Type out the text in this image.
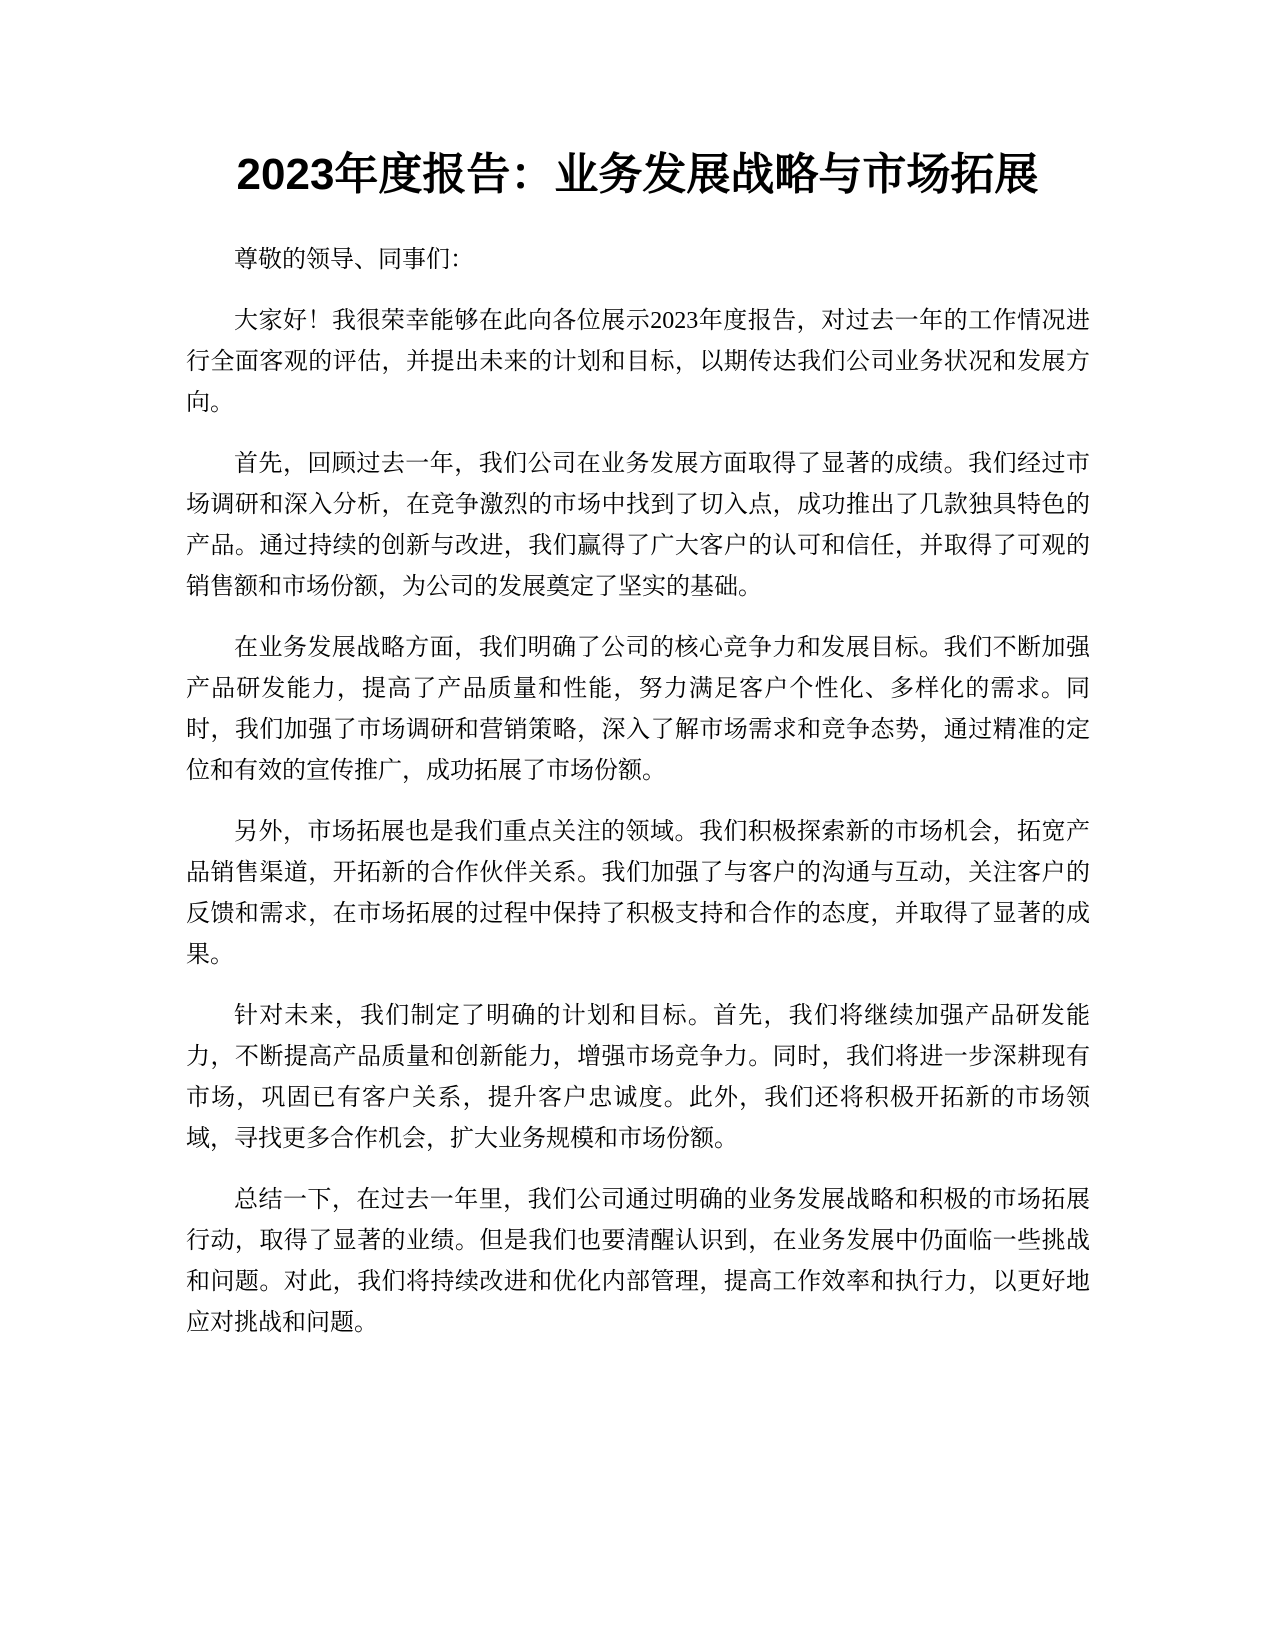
2023年度报告：业务发展战略与市场拓展

尊敬的领导、同事们：

大家好！我很荣幸能够在此向各位展示2023年度报告，对过去一年的工作情况进行全面客观的评估，并提出未来的计划和目标，以期传达我们公司业务状况和发展方向。

首先，回顾过去一年，我们公司在业务发展方面取得了显著的成绩。我们经过市场调研和深入分析，在竞争激烈的市场中找到了切入点，成功推出了几款独具特色的产品。通过持续的创新与改进，我们赢得了广大客户的认可和信任，并取得了可观的销售额和市场份额，为公司的发展奠定了坚实的基础。

在业务发展战略方面，我们明确了公司的核心竞争力和发展目标。我们不断加强产品研发能力，提高了产品质量和性能，努力满足客户个性化、多样化的需求。同时，我们加强了市场调研和营销策略，深入了解市场需求和竞争态势，通过精准的定位和有效的宣传推广，成功拓展了市场份额。

另外，市场拓展也是我们重点关注的领域。我们积极探索新的市场机会，拓宽产品销售渠道，开拓新的合作伙伴关系。我们加强了与客户的沟通与互动，关注客户的反馈和需求，在市场拓展的过程中保持了积极支持和合作的态度，并取得了显著的成果。

针对未来，我们制定了明确的计划和目标。首先，我们将继续加强产品研发能力，不断提高产品质量和创新能力，增强市场竞争力。同时，我们将进一步深耕现有市场，巩固已有客户关系，提升客户忠诚度。此外，我们还将积极开拓新的市场领域，寻找更多合作机会，扩大业务规模和市场份额。

总结一下，在过去一年里，我们公司通过明确的业务发展战略和积极的市场拓展行动，取得了显著的业绩。但是我们也要清醒认识到，在业务发展中仍面临一些挑战和问题。对此，我们将持续改进和优化内部管理，提高工作效率和执行力，以更好地应对挑战和问题。
